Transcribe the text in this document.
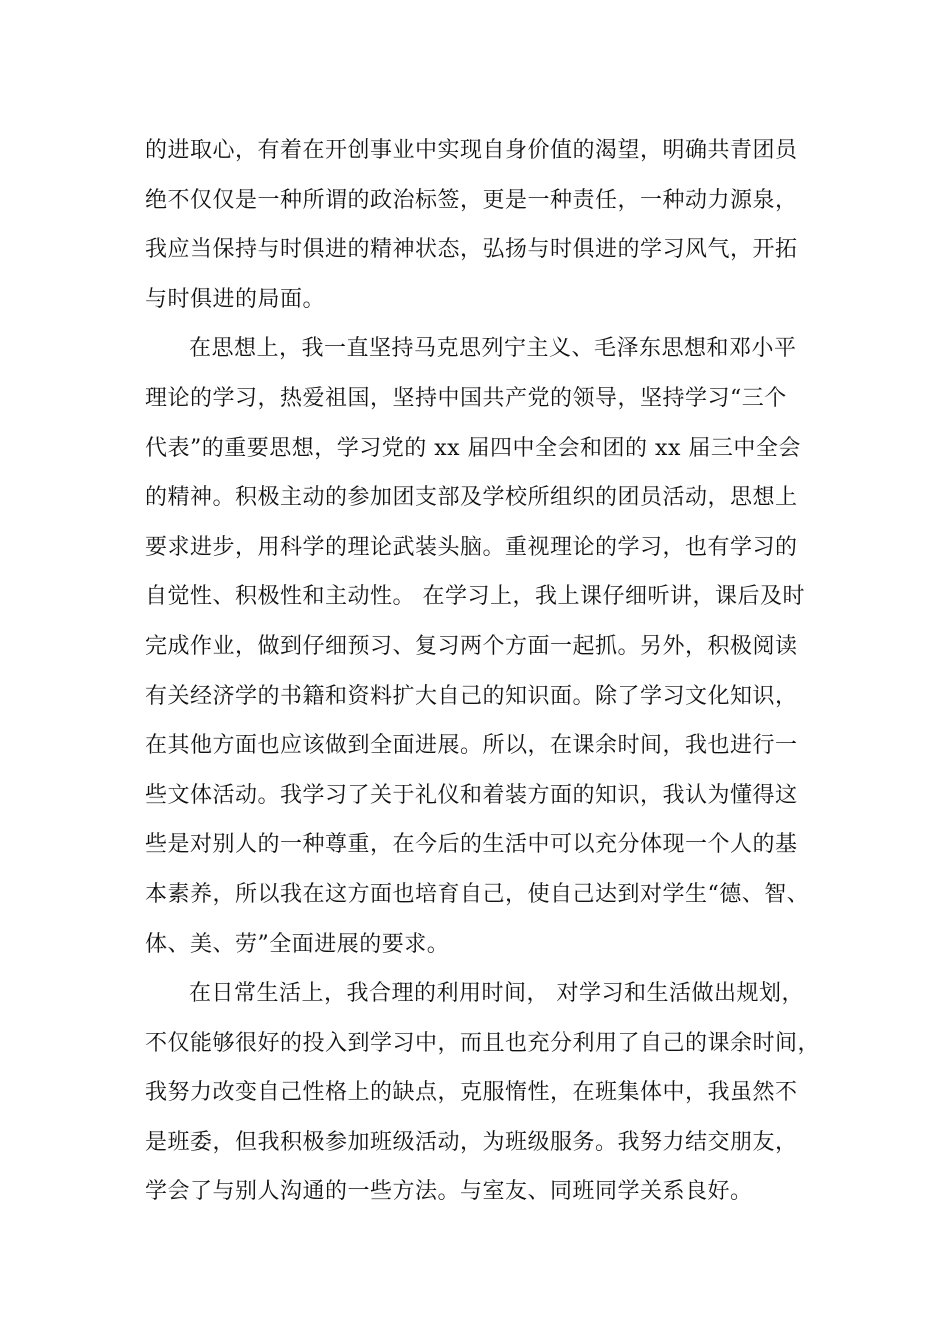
的进取心，有着在开创事业中实现自身价值的渴望，明确共青团员
绝不仅仅是一种所谓的政治标签，更是一种责任，一种动力源泉，
我应当保持与时俱进的精神状态，弘扬与时俱进的学习风气，开拓
与时俱进的局面。
在思想上，我一直坚持马克思列宁主义、毛泽东思想和邓小平
理论的学习，热爱祖国，坚持中国共产党的领导，坚持学习“三个
代表”的重要思想，学习党的 xx 届四中全会和团的 xx 届三中全会
的精神。积极主动的参加团支部及学校所组织的团员活动，思想上
要求进步，用科学的理论武装头脑。重视理论的学习，也有学习的
自觉性、积极性和主动性。 在学习上，我上课仔细听讲，课后及时
完成作业，做到仔细预习、复习两个方面一起抓。另外，积极阅读
有关经济学的书籍和资料扩大自己的知识面。除了学习文化知识，
在其他方面也应该做到全面进展。所以，在课余时间，我也进行一
些文体活动。我学习了关于礼仪和着装方面的知识，我认为懂得这
些是对别人的一种尊重，在今后的生活中可以充分体现一个人的基
本素养，所以我在这方面也培育自己，使自己达到对学生“德、智、
体、美、劳”全面进展的要求。
在日常生活上，我合理的利用时间， 对学习和生活做出规划，
不仅能够很好的投入到学习中，而且也充分利用了自己的课余时间，
我努力改变自己性格上的缺点，克服惰性，在班集体中，我虽然不
是班委，但我积极参加班级活动，为班级服务。我努力结交朋友，
学会了与别人沟通的一些方法。与室友、同班同学关系良好。
